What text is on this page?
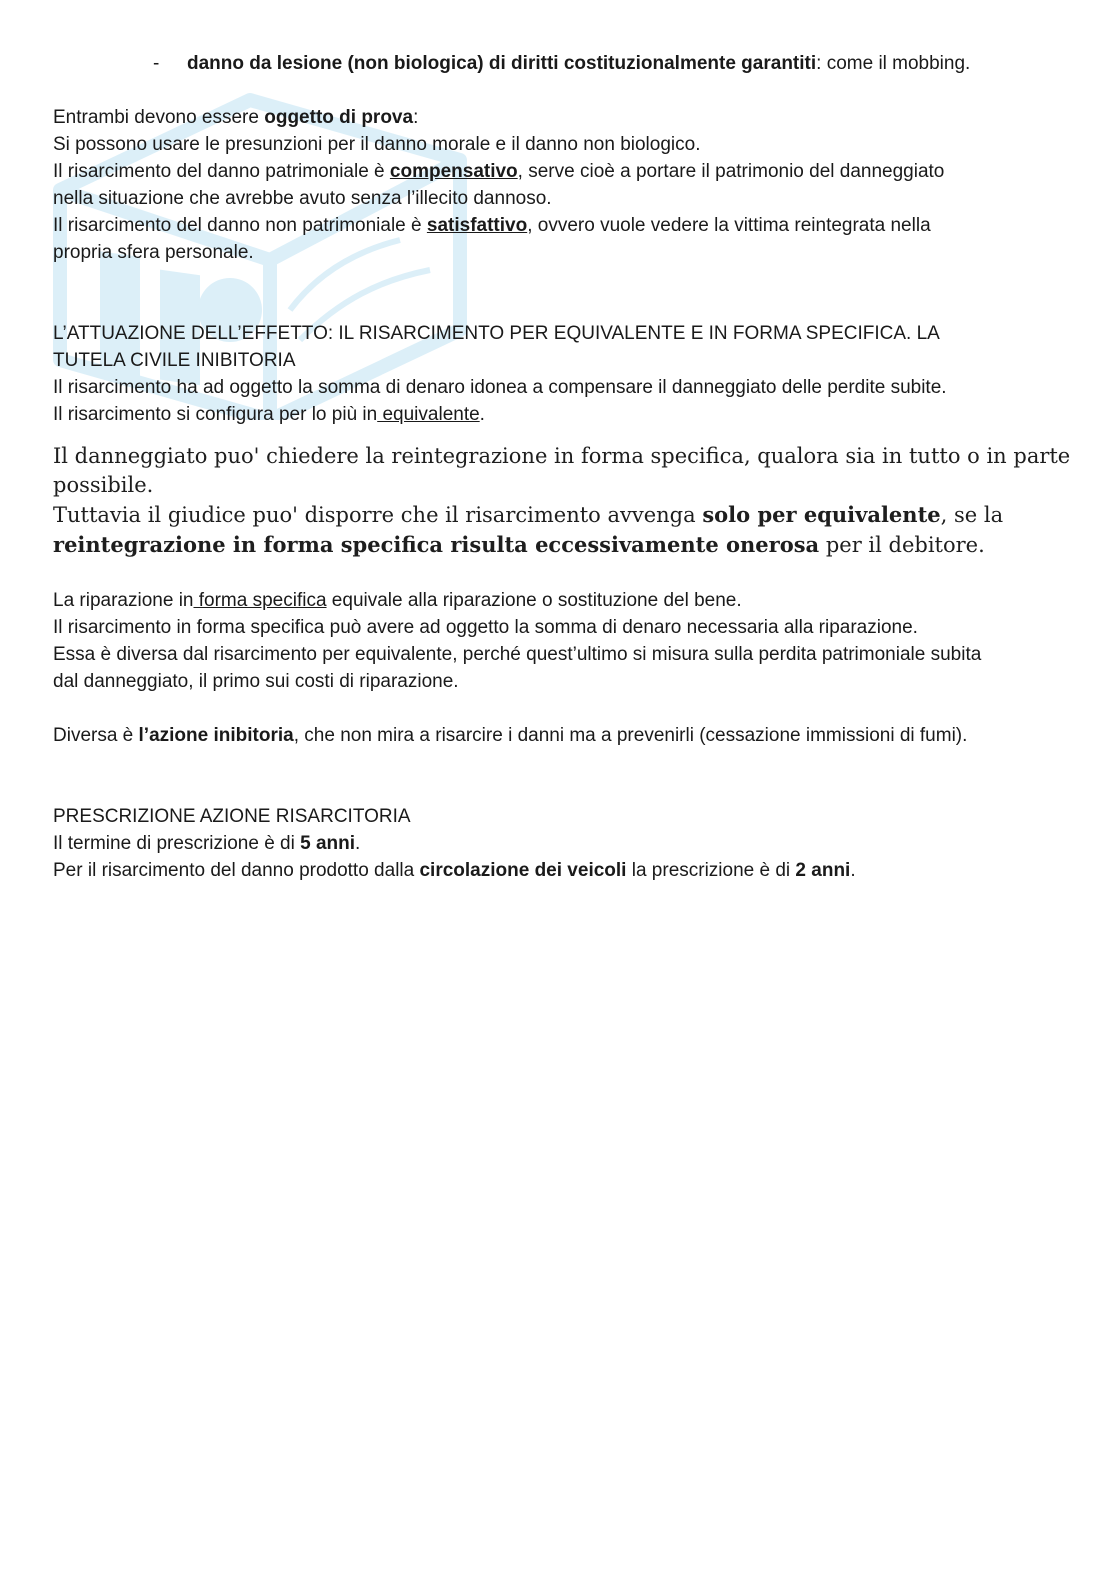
- danno da lesione (non biologica) di diritti costituzionalmente garantiti: come il mobbing.
Entrambi devono essere oggetto di prova:
Si possono usare le presunzioni per il danno morale e il danno non biologico.
Il risarcimento del danno patrimoniale è compensativo, serve cioè a portare il patrimonio del danneggiato
nella situazione che avrebbe avuto senza l’illecito dannoso.
Il risarcimento del danno non patrimoniale è satisfattivo, ovvero vuole vedere la vittima reintegrata nella
propria sfera personale.
L’ATTUAZIONE DELL’EFFETTO: IL RISARCIMENTO PER EQUIVALENTE E IN FORMA SPECIFICA. LA
TUTELA CIVILE INIBITORIA
Il risarcimento ha ad oggetto la somma di denaro idonea a compensare il danneggiato delle perdite subite.
Il risarcimento si configura per lo più in equivalente.
Il danneggiato puo' chiedere la reintegrazione in forma specifica, qualora sia in tutto o in parte
possibile.
Tuttavia il giudice puo' disporre che il risarcimento avvenga solo per equivalente, se la
reintegrazione in forma specifica risulta eccessivamente onerosa per il debitore.
La riparazione in forma specifica equivale alla riparazione o sostituzione del bene.
Il risarcimento in forma specifica può avere ad oggetto la somma di denaro necessaria alla riparazione.
Essa è diversa dal risarcimento per equivalente, perché quest’ultimo si misura sulla perdita patrimoniale subita
dal danneggiato, il primo sui costi di riparazione.
Diversa è l’azione inibitoria, che non mira a risarcire i danni ma a prevenirli (cessazione immissioni di fumi).
PRESCRIZIONE AZIONE RISARCITORIA
Il termine di prescrizione è di 5 anni.
Per il risarcimento del danno prodotto dalla circolazione dei veicoli la prescrizione è di 2 anni.
